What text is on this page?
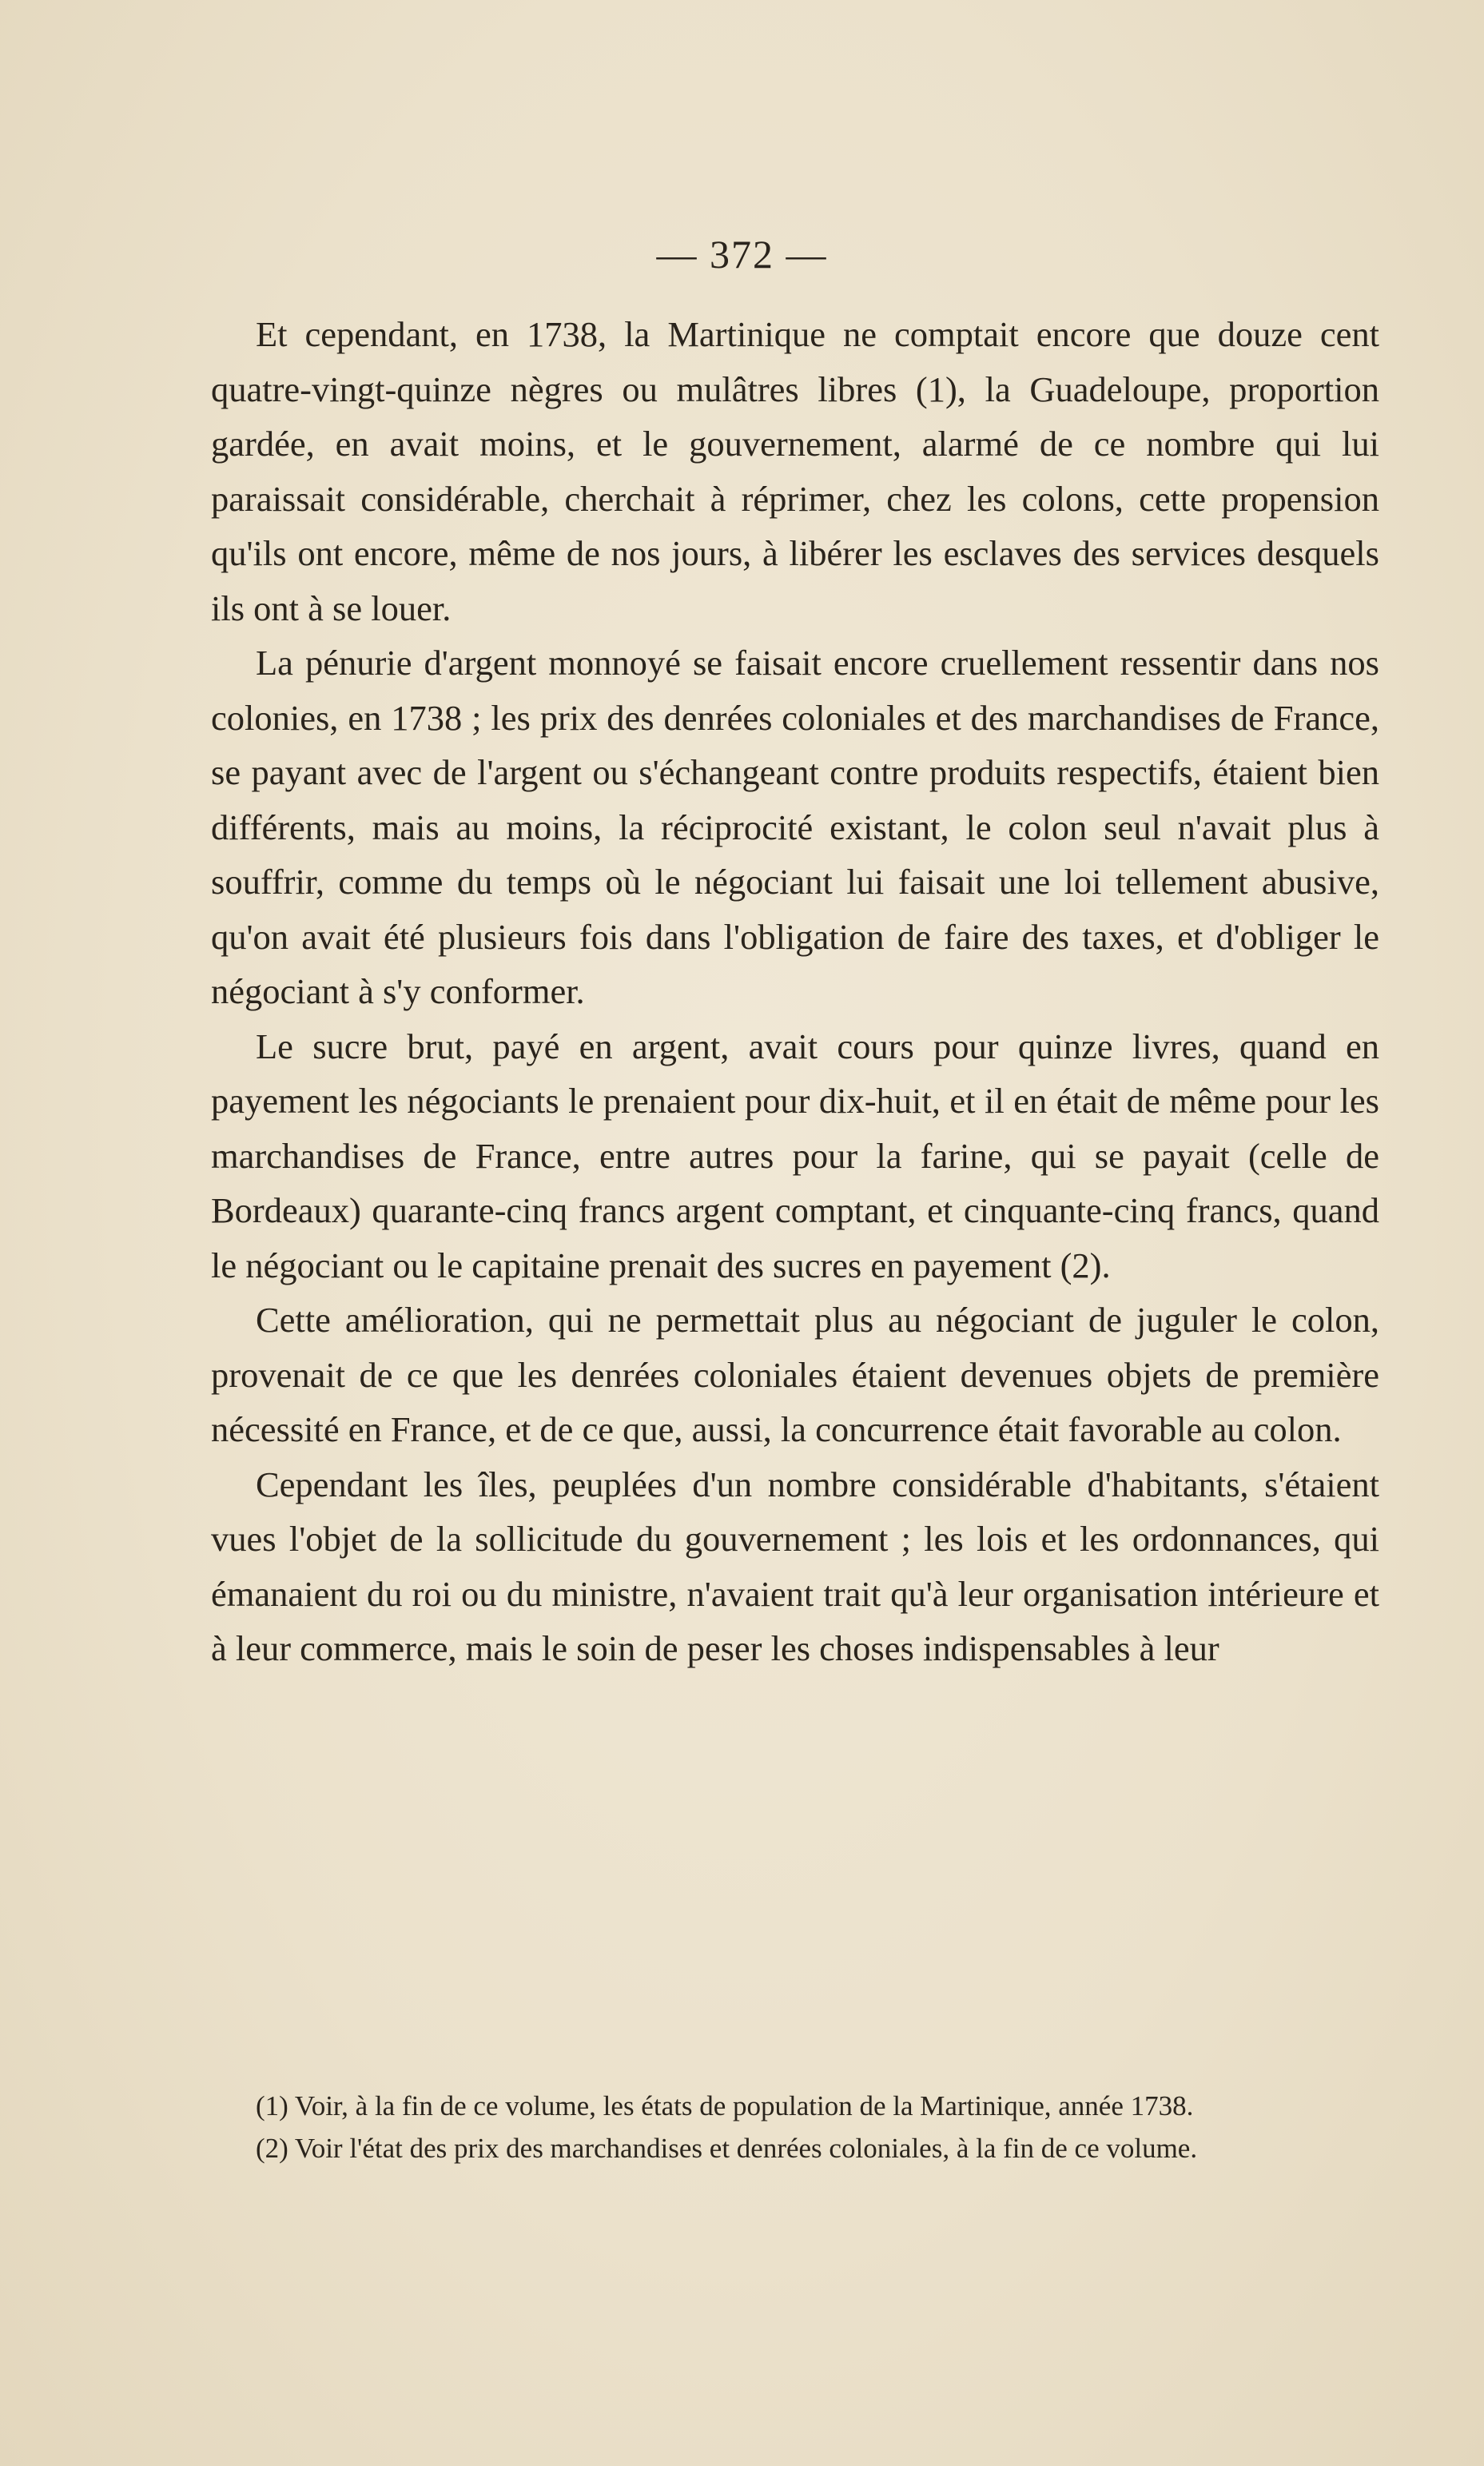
— 372 —

Et cependant, en 1738, la Martinique ne comptait encore que douze cent quatre-vingt-quinze nègres ou mulâtres libres (1), la Guadeloupe, proportion gardée, en avait moins, et le gouvernement, alarmé de ce nombre qui lui paraissait considérable, cherchait à réprimer, chez les colons, cette propension qu'ils ont encore, même de nos jours, à libérer les esclaves des services desquels ils ont à se louer.

La pénurie d'argent monnoyé se faisait encore cruellement ressentir dans nos colonies, en 1738 ; les prix des denrées coloniales et des marchandises de France, se payant avec de l'argent ou s'échangeant contre produits respectifs, étaient bien différents, mais au moins, la réciprocité existant, le colon seul n'avait plus à souffrir, comme du temps où le négociant lui faisait une loi tellement abusive, qu'on avait été plusieurs fois dans l'obligation de faire des taxes, et d'obliger le négociant à s'y conformer.

Le sucre brut, payé en argent, avait cours pour quinze livres, quand en payement les négociants le prenaient pour dix-huit, et il en était de même pour les marchandises de France, entre autres pour la farine, qui se payait (celle de Bordeaux) quarante-cinq francs argent comptant, et cinquante-cinq francs, quand le négociant ou le capitaine prenait des sucres en payement (2).

Cette amélioration, qui ne permettait plus au négociant de juguler le colon, provenait de ce que les denrées coloniales étaient devenues objets de première nécessité en France, et de ce que, aussi, la concurrence était favorable au colon.

Cependant les îles, peuplées d'un nombre considérable d'habitants, s'étaient vues l'objet de la sollicitude du gouvernement ; les lois et les ordonnances, qui émanaient du roi ou du ministre, n'avaient trait qu'à leur organisation intérieure et à leur commerce, mais le soin de peser les choses indispensables à leur

(1) Voir, à la fin de ce volume, les états de population de la Martinique, année 1738.

(2) Voir l'état des prix des marchandises et denrées coloniales, à la fin de ce volume.
